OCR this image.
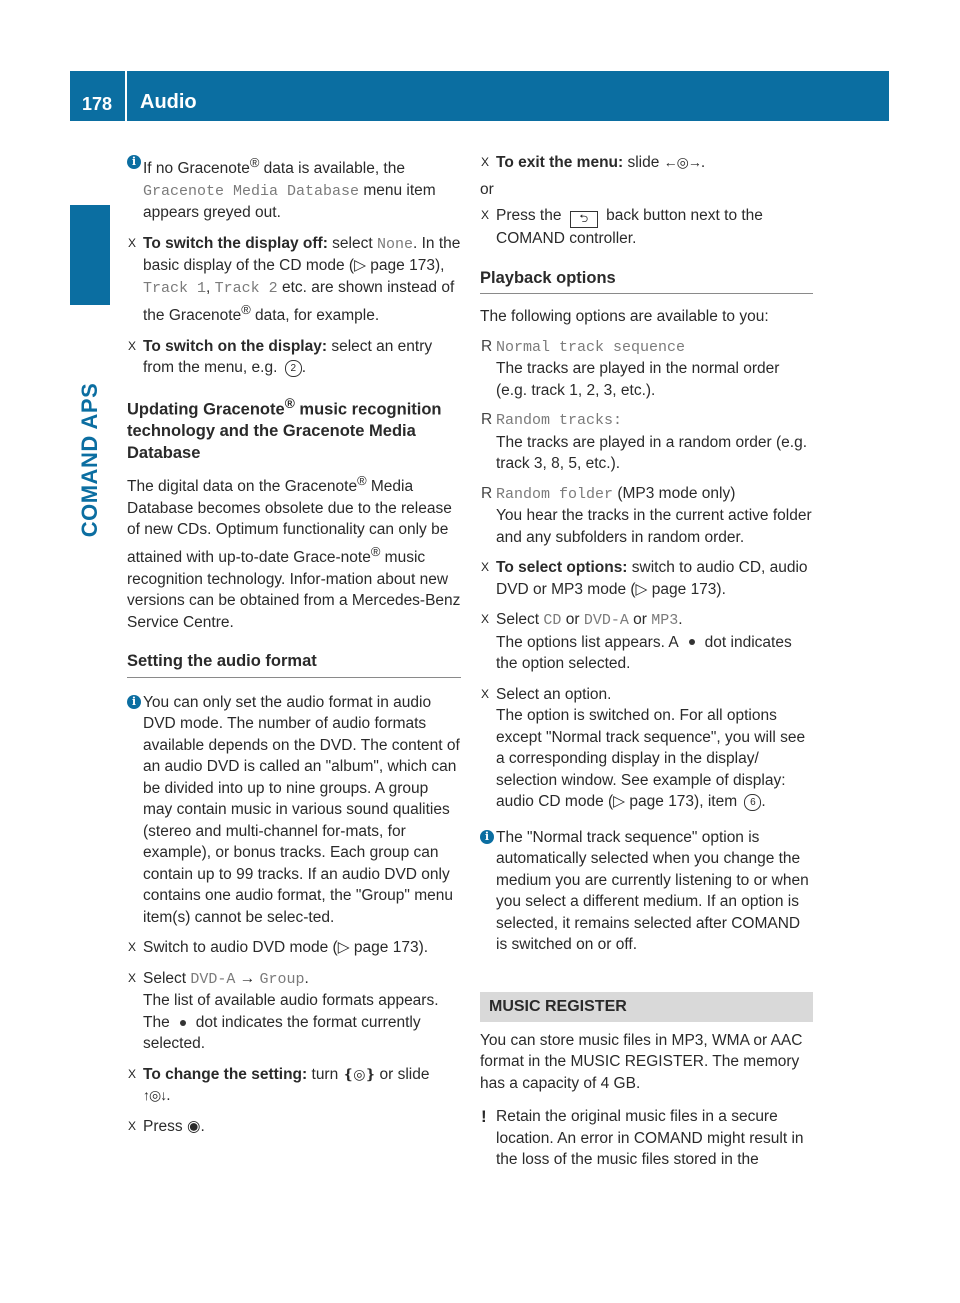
178 Audio
COMAND APS
i If no Gracenote® data is available, the Gracenote Media Database menu item appears greyed out.
X To switch the display off: select None. In the basic display of the CD mode (▷ page 173), Track 1, Track 2 etc. are shown instead of the Gracenote® data, for example.
X To switch on the display: select an entry from the menu, e.g. 2 .
Updating Gracenote® music recognition technology and the Gracenote Media Database

The digital data on the Gracenote® Media Database becomes obsolete due to the release of new CDs. Optimum functionality can only be attained with up-to-date Grace-note® music recognition technology. Infor-mation about new versions can be obtained from a Mercedes-Benz Service Centre.

Setting the audio format
i You can only set the audio format in audio DVD mode. The number of audio formats available depends on the DVD. The content of an audio DVD is called an "album", which can be divided into up to nine groups. A group may contain music in various sound qualities (stereo and multi-channel for-mats, for example), or bonus tracks. Each group can contain up to 99 tracks. If an audio DVD only contains one audio format, the "Group" menu item(s) cannot be selec-ted.
X Switch to audio DVD mode (▷ page 173).
X Select DVD-A → Group.
The list of available audio formats appears. The dot indicates the format currently selected.
X To change the setting: turn ❴◎❵ or slide ↑◎↓.
X Press ◉.
X To exit the menu: slide ←◎→.

or

X Press the ⮌ back button next to the COMAND controller.
Playback options

The following options are available to you:

R Normal track sequence
The tracks are played in the normal order (e.g. track 1, 2, 3, etc.).
R Random tracks:
The tracks are played in a random order (e.g. track 3, 8, 5, etc.).
R Random folder (MP3 mode only)
You hear the tracks in the current active folder and any subfolders in random order.
X To select options: switch to audio CD, audio DVD or MP3 mode (▷ page 173).
X Select CD or DVD-A or MP3.
The options list appears. A dot indicates the option selected.
X Select an option.
The option is switched on. For all options except "Normal track sequence", you will see a corresponding display in the display/ selection window. See example of display: audio CD mode (▷ page 173), item 6 .
i The "Normal track sequence" option is automatically selected when you change the medium you are currently listening to or when you select a different medium. If an option is selected, it remains selected after COMAND is switched on or off.
MUSIC REGISTER

You can store music files in MP3, WMA or AAC format in the MUSIC REGISTER. The memory has a capacity of 4 GB.

! Retain the original music files in a secure location. An error in COMAND might result in the loss of the music files stored in the
